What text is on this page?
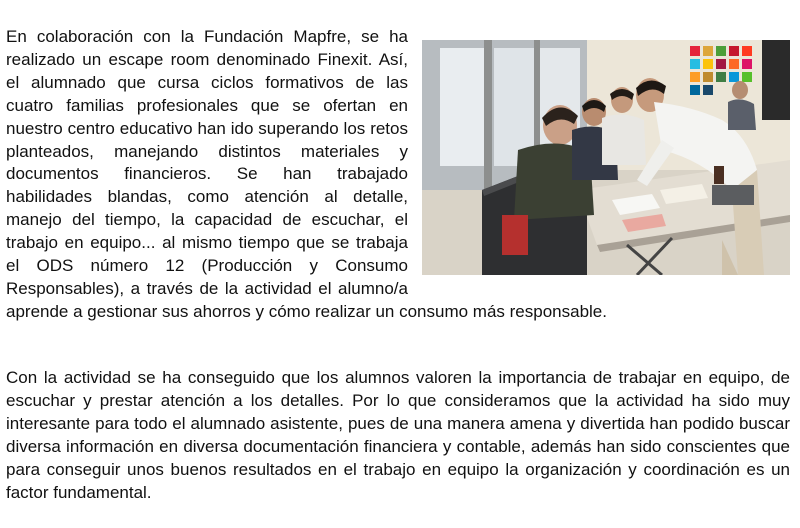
En colaboración con la Fundación Mapfre, se ha realizado un escape room denominado Finexit. Así, el alumnado que cursa ciclos formativos de las cuatro familias profesionales que se ofertan en nuestro centro educativo han ido superando los retos planteados, manejando distintos materiales y documentos financieros. Se han trabajado habilidades blandas, como atención al detalle, manejo del tiempo, la capacidad de escuchar, el trabajo en equipo... al mismo tiempo que se trabaja el ODS número 12 (Producción y Consumo Responsables), a través de la actividad el alumno/a aprende a gestionar sus ahorros y cómo realizar un consumo más responsable.

Con la actividad se ha conseguido que los alumnos valoren la importancia de trabajar en equipo, de escuchar y prestar atención a los detalles. Por lo que consideramos que la actividad ha sido muy interesante para todo el alumnado asistente, pues de una manera amena y divertida han podido buscar diversa información en diversa documentación financiera y contable, además han sido conscientes que para conseguir unos buenos resultados en el trabajo en equipo la organización y coordinación es un factor fundamental.
